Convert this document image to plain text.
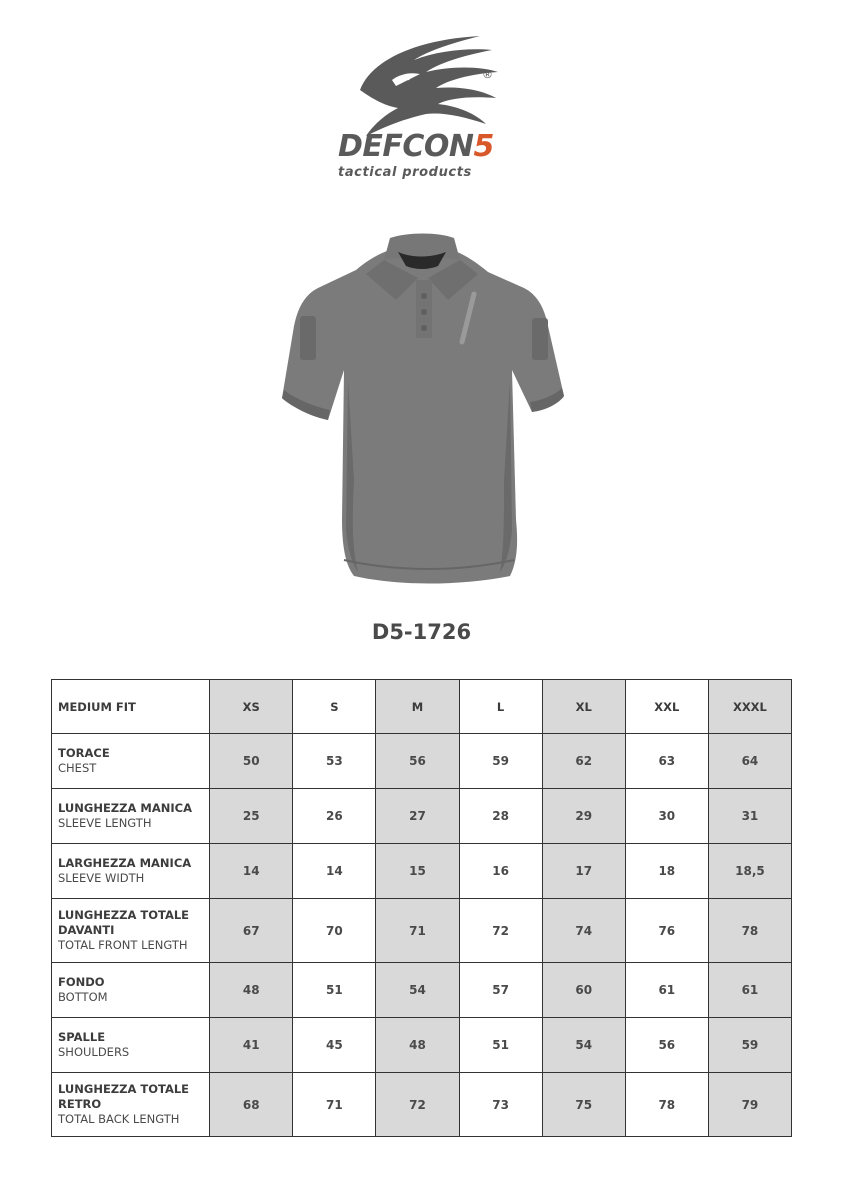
®
DEFCON5
tactical products
D5-1726
MEDIUM FIT	XS	S	M	L	XL	XXL	XXXL

TORACE
CHEST	50	53	56	59	62	63	64

LUNGHEZZA MANICA
SLEEVE LENGTH	25	26	27	28	29	30	31

LARGHEZZA MANICA
SLEEVE WIDTH	14	14	15	16	17	18	18,5

LUNGHEZZA TOTALE DAVANTI
TOTAL FRONT LENGTH	67	70	71	72	74	76	78

FONDO
BOTTOM	48	51	54	57	60	61	61

SPALLE
SHOULDERS	41	45	48	51	54	56	59

LUNGHEZZA TOTALE RETRO
TOTAL BACK LENGTH	68	71	72	73	75	78	79
